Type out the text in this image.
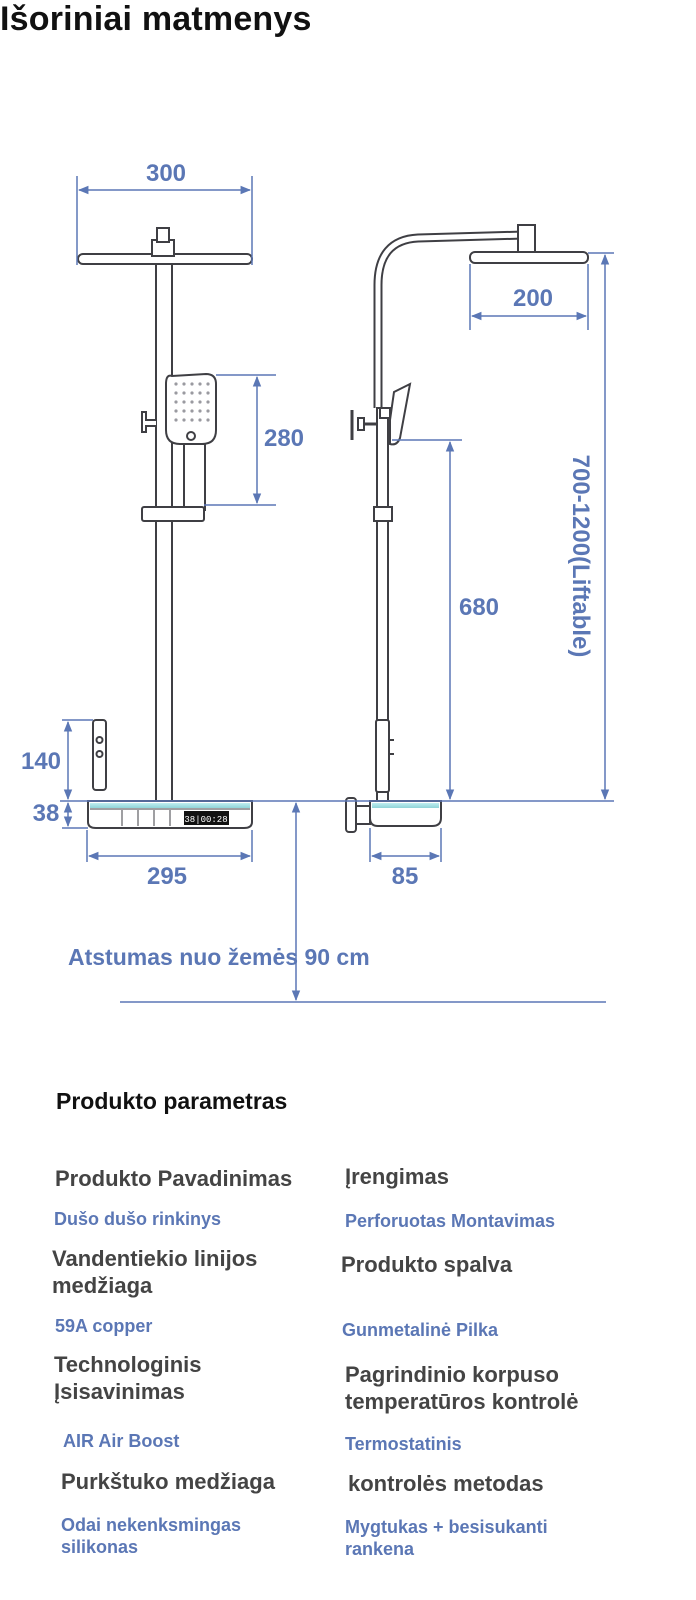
Išoriniai matmenys
38|00:28
300
200
280
680	700-1200(Liftable)
140
38
295	85
Atstumas nuo žemės 90 cm
Produkto parametras
Produkto Pavadinimas
Dušo dušo rinkinys
Įrengimas
Perforuotas Montavimas
Vandentiekio linijos medžiaga
59A copper
Produkto spalva
Gunmetalinė Pilka
Technologinis Įsisavinimas
AIR Air Boost
Pagrindinio korpuso temperatūros kontrolė
Termostatinis
Purkštuko medžiaga
Odai nekenksmingas silikonas
kontrolės metodas
Mygtukas + besisukanti rankena
